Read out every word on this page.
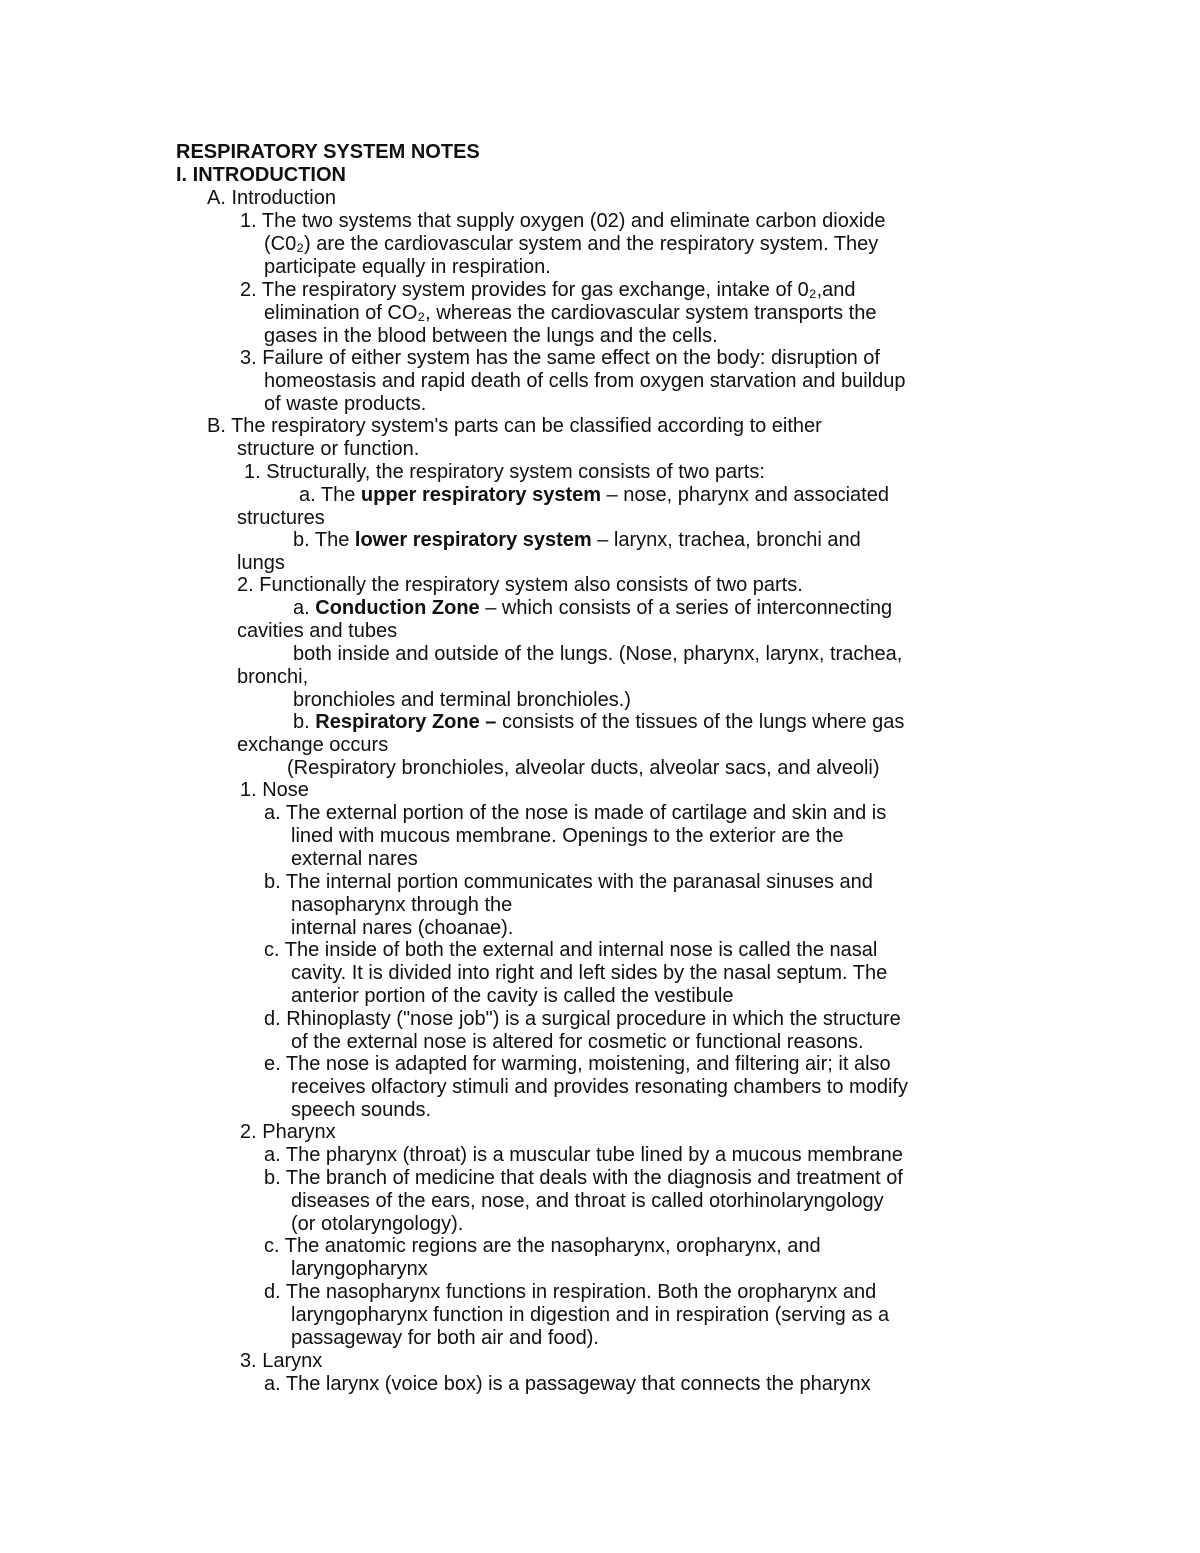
RESPIRATORY SYSTEM NOTES
I. INTRODUCTION
A. Introduction
1. The two systems that supply oxygen (02) and eliminate carbon dioxide
(C0₂) are the cardiovascular system and the respiratory system. They
participate equally in respiration.
2. The respiratory system provides for gas exchange, intake of 0₂,and
elimination of CO₂, whereas the cardiovascular system transports the
gases in the blood between the lungs and the cells.
3. Failure of either system has the same effect on the body: disruption of
homeostasis and rapid death of cells from oxygen starvation and buildup
of waste products.
B. The respiratory system's parts can be classified according to either
structure or function.
1. Structurally, the respiratory system consists of two parts:
a. The upper respiratory system – nose, pharynx and associated
structures
b. The lower respiratory system – larynx, trachea, bronchi and
lungs
2. Functionally the respiratory system also consists of two parts.
a. Conduction Zone – which consists of a series of interconnecting
cavities and tubes
both inside and outside of the lungs. (Nose, pharynx, larynx, trachea,
bronchi,
bronchioles and terminal bronchioles.)
b. Respiratory Zone – consists of the tissues of the lungs where gas
exchange occurs
(Respiratory bronchioles, alveolar ducts, alveolar sacs, and alveoli)
1. Nose
a. The external portion of the nose is made of cartilage and skin and is
lined with mucous membrane. Openings to the exterior are the
external nares
b. The internal portion communicates with the paranasal sinuses and
nasopharynx through the
internal nares (choanae).
c. The inside of both the external and internal nose is called the nasal
cavity. It is divided into right and left sides by the nasal septum. The
anterior portion of the cavity is called the vestibule
d. Rhinoplasty ("nose job") is a surgical procedure in which the structure
of the external nose is altered for cosmetic or functional reasons.
e. The nose is adapted for warming, moistening, and filtering air; it also
receives olfactory stimuli and provides resonating chambers to modify
speech sounds.
2. Pharynx
a. The pharynx (throat) is a muscular tube lined by a mucous membrane
b. The branch of medicine that deals with the diagnosis and treatment of
diseases of the ears, nose, and throat is called otorhinolaryngology
(or otolaryngology).
c. The anatomic regions are the nasopharynx, oropharynx, and
laryngopharynx
d. The nasopharynx functions in respiration. Both the oropharynx and
laryngopharynx function in digestion and in respiration (serving as a
passageway for both air and food).
3. Larynx
a. The larynx (voice box) is a passageway that connects the pharynx
